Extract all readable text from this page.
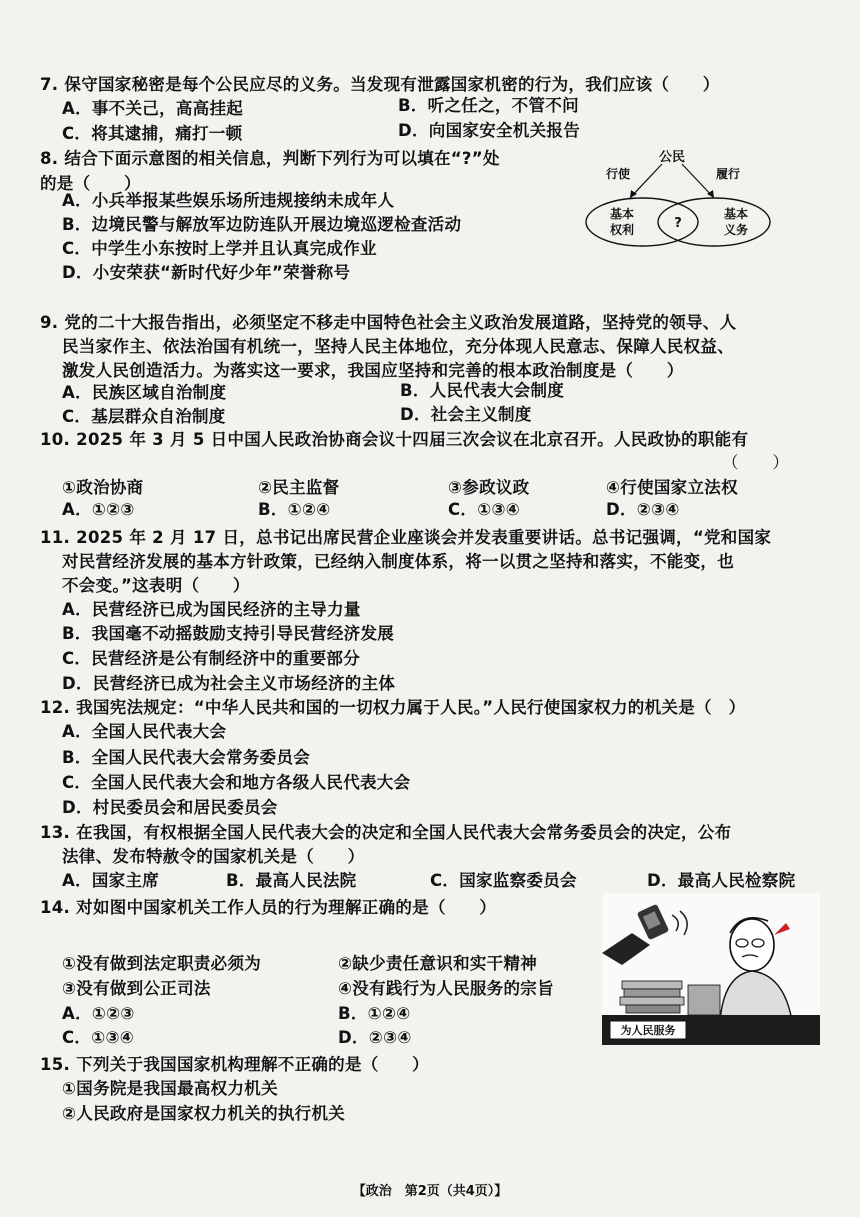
7. 保守国家秘密是每个公民应尽的义务。当发现有泄露国家机密的行为，我们应该（　　）
A．事不关己，高高挂起	B．听之任之，不管不问
C．将其逮捕，痛打一顿	D．向国家安全机关报告
8. 结合下面示意图的相关信息，判断下列行为可以填在“?”处
的是（　　）
A．小兵举报某些娱乐场所违规接纳未成年人
B．边境民警与解放军边防连队开展边境巡逻检查活动
C．中学生小东按时上学并且认真完成作业
D．小安荣获“新时代好少年”荣誉称号
公民
行使	履行
基本
权利	?
基本
义务
9. 党的二十大报告指出，必须坚定不移走中国特色社会主义政治发展道路，坚持党的领导、人
民当家作主、依法治国有机统一，坚持人民主体地位，充分体现人民意志、保障人民权益、
激发人民创造活力。为落实这一要求，我国应坚持和完善的根本政治制度是（　　）
A．民族区域自治制度	B．人民代表大会制度
C．基层群众自治制度	D．社会主义制度
10. 2025 年 3 月 5 日中国人民政治协商会议十四届三次会议在北京召开。人民政协的职能有
（　　）
①政治协商	②民主监督	③参政议政	④行使国家立法权
A．①②③	B．①②④	C．①③④	D．②③④
11. 2025 年 2 月 17 日，总书记出席民营企业座谈会并发表重要讲话。总书记强调，“党和国家
对民营经济发展的基本方针政策，已经纳入制度体系，将一以贯之坚持和落实，不能变，也
不会变。”这表明（　　）
A．民营经济已成为国民经济的主导力量
B．我国毫不动摇鼓励支持引导民营经济发展
C．民营经济是公有制经济中的重要部分
D．民营经济已成为社会主义市场经济的主体
12. 我国宪法规定：“中华人民共和国的一切权力属于人民。”人民行使国家权力的机关是（　）
A．全国人民代表大会
B．全国人民代表大会常务委员会
C．全国人民代表大会和地方各级人民代表大会
D．村民委员会和居民委员会
13. 在我国，有权根据全国人民代表大会的决定和全国人民代表大会常务委员会的决定，公布
法律、发布特赦令的国家机关是（　　）
A．国家主席	B．最高人民法院	C．国家监察委员会	D．最高人民检察院
14. 对如图中国家机关工作人员的行为理解正确的是（　　）
①没有做到法定职责必须为	②缺少责任意识和实干精神
③没有做到公正司法	④没有践行为人民服务的宗旨
A．①②③	B．①②④
C．①③④	D．②③④	为人民服务
15. 下列关于我国国家机构理解不正确的是（　　）
①国务院是我国最高权力机关
②人民政府是国家权力机关的执行机关
【政治　第2页（共4页）】
